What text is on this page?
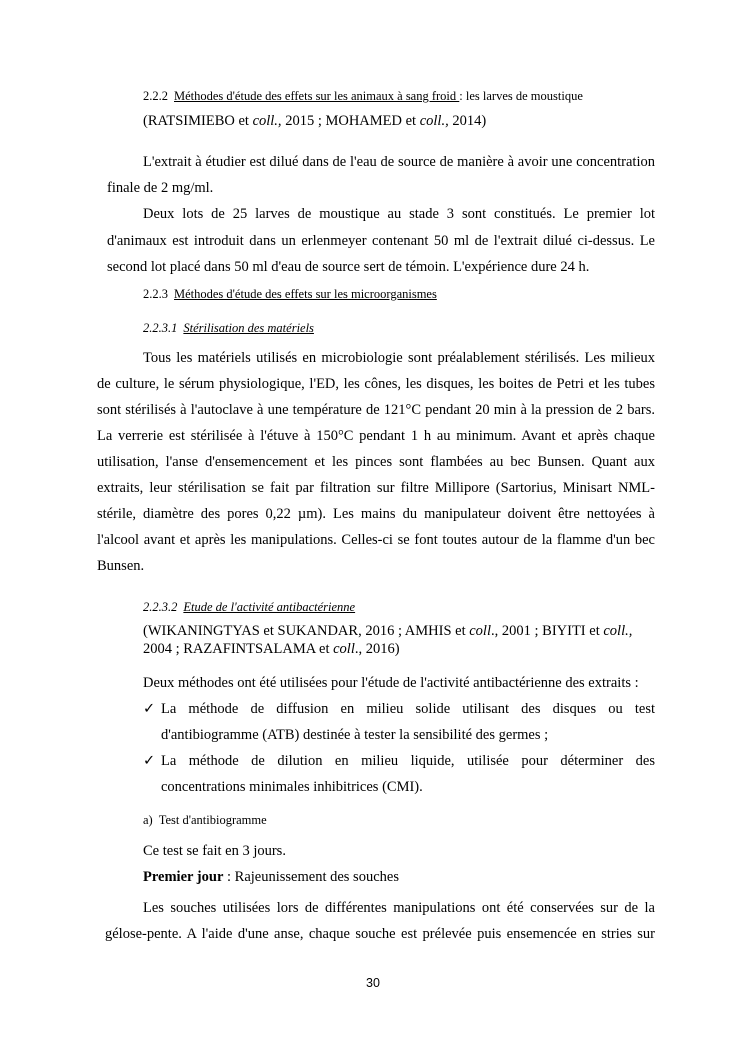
2.2.2 Méthodes d'étude des effets sur les animaux à sang froid : les larves de moustique
(RATSIMIEBO et coll., 2015 ; MOHAMED et coll., 2014)
L'extrait à étudier est dilué dans de l'eau de source de manière à avoir une concentration
finale de 2 mg/ml.
Deux lots de 25 larves de moustique au stade 3 sont constitués. Le premier lot
d'animaux est introduit dans un erlenmeyer contenant 50 ml de l'extrait dilué ci-dessus. Le
second lot placé dans 50 ml d'eau de source sert de témoin. L'expérience dure 24 h.
2.2.3 Méthodes d'étude des effets sur les microorganismes
2.2.3.1 Stérilisation des matériels
Tous les matériels utilisés en microbiologie sont préalablement stérilisés. Les milieux
de culture, le sérum physiologique, l'ED, les cônes, les disques, les boites de Petri et les tubes
sont stérilisés à l'autoclave à une température de 121°C pendant 20 min à la pression de 2 bars.
La verrerie est stérilisée à l'étuve à 150°C pendant 1 h au minimum. Avant et après chaque
utilisation, l'anse d'ensemencement et les pinces sont flambées au bec Bunsen. Quant aux
extraits, leur stérilisation se fait par filtration sur filtre Millipore (Sartorius, Minisart NML-
stérile, diamètre des pores 0,22 µm). Les mains du manipulateur doivent être nettoyées à
l'alcool avant et après les manipulations. Celles-ci se font toutes autour de la flamme d'un bec
Bunsen.
2.2.3.2 Etude de l'activité antibactérienne
(WIKANINGTYAS et SUKANDAR, 2016 ; AMHIS et coll., 2001 ; BIYITI et coll.,
2004 ; RAZAFINTSALAMA et coll., 2016)
Deux méthodes ont été utilisées pour l'étude de l'activité antibactérienne des extraits :
✓ La méthode de diffusion en milieu solide utilisant des disques ou test
d'antibiogramme (ATB) destinée à tester la sensibilité des germes ;
✓ La méthode de dilution en milieu liquide, utilisée pour déterminer des
concentrations minimales inhibitrices (CMI).
a) Test d'antibiogramme
Ce test se fait en 3 jours.
Premier jour : Rajeunissement des souches
Les souches utilisées lors de différentes manipulations ont été conservées sur de la
gélose-pente. A l'aide d'une anse, chaque souche est prélevée puis ensemencée en stries sur
30
